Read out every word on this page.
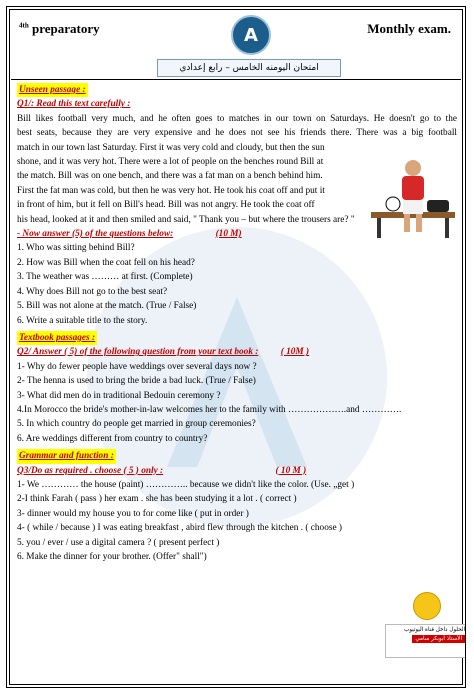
$^{4th}$ preparatory	A	Monthly exam.
امتحان اليومنه الخامس – رابع إعدادي
Unseen passage :
Q1/: Read this text carefully :
Bill likes football very much, and he often goes to matches in our town on Saturdays. He doesn't go to the
best seats, because they are very expensive and he does not see his friends there. There was a big football
match in our town last Saturday. First it was very cold and cloudy, but then the sun
shone, and it was very hot. There were a lot of people on the benches round Bill at
the match. Bill was on one bench, and there was a fat man on a bench behind him.
First the fat man was cold, but then he was very hot. He took his coat off and put it
in front of him, but it fell on Bill's head. Bill was not angry. He took the coat off
his head, looked at it and then smiled and said, " Thank you – but where the trousers are? "
- Now answer (5) of the questions below:	(10 M)
1. Who was sitting behind Bill?
2. How was Bill when the coat fell on his head?
3. The weather was ……… at first. (Complete)
4. Why does Bill not go to the best seat?
5. Bill was not alone at the match. (True / False)
6. Write a suitable title to the story.
Textbook passages :
Q2/ Answer ( 5) of the following question from your text book : ( 10M )
1- Why do fewer people have weddings over several days now ?
2- The henna is used to bring the bride a bad luck. (True / False)
3- What did men do in traditional Bedouin ceremony ?
4.In Morocco the bride's mother-in-law welcomes her to the family with ……………….and ………….
5. In which country do people get married in group ceremonies?
6. Are weddings different from country to country?
Grammar and function :
Q3/Do as required . choose ( 5 ) only :	( 10 M )
1- We ………… the house (paint) ………….. because we didn't like the color. (Use. „get )
2-I think Farah ( pass ) her exam . she has been studying it a lot . ( correct )
3- dinner would my house you to for come like ( put in order )
4- ( while / because ) I was eating breakfast , abird flew through the kitchen . ( choose )
5. you / ever / use a digital camera ? ( present perfect )
6. Make the dinner for your brother. (Offer" shall")
الحلول داخل قناة اليوتيوب
الأستاذ أبوبكر سامي
